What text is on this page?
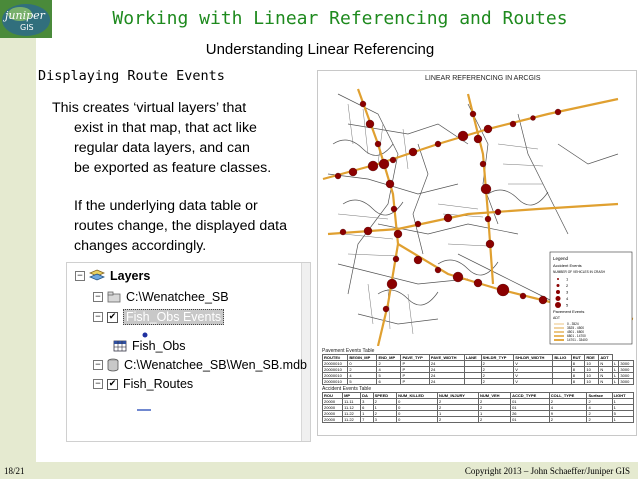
juniper
GIS	Working with Linear Referencing and Routes
Understanding Linear Referencing
Displaying Route Events
This creates ‘virtual layers’ that
exist in that map, that act like
regular data layers, and can
be exported as feature classes.
If the underlying data table or
routes change, the displayed data
changes accordingly.
− Layers
− C:\Wenatchee_SB
− ✔ Fish_Obs Events
Fish_Obs
− C:\Wenatchee_SB\Wen_SB.mdb
− ✔ Fish_Routes
LINEAR REFERENCING IN ARCGIS
Legend
Accident Events
NUMBER OF VEHICLES IN CRASH
1
2
3
4
5
Pavement Events
ADT
0 - 3524
3525 - 4500
4501 - 6800
6801 - 14700
14701 - 33400
Pavement Events Table
ROUTE#	BEGIN_MP	END_MP	PAVE_TYP	PAVE_WIDTH	LANE	SHLDR_TYP	SHLDR_WIDTH	BLLIG	RUT	RDE	ADT		
20000010	0	2	P	24		2	V		8	10	N	L	3000
20000010	2	4	P	24		2	V		8	10	N	L	3000
20000010	4	5	P	24		2	V		8	10	N	L	3000
20000010	5	6	P	24		2	V		8	10	N	L	3000
Accident Events Table
ROU	MP	DA	SPEED	NUM_KILLED	NUM_INJURY	NUM_VEH	ACCD_TYPE	COLL_TYPE	Surface	LIGHT
20000	11.11	3	2	0	2	2	01	2	2	1
20000	11.12	6	1	0	2	2	01	4	4	1
20000	11.22	1	2	0	1	1	26	9	2	5
20000	11.22	7	3	0	2	2	01	2	2	1
18/21	Copyright 2013 – John Schaeffer/Juniper GIS
